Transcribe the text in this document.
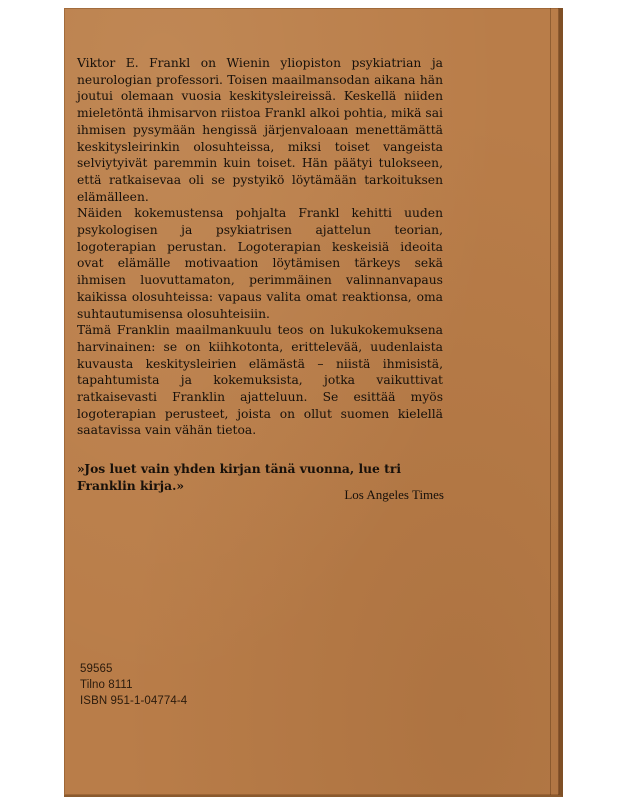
Viktor E. Frankl on Wienin yliopiston psykiatrian ja neurologian professori. Toisen maailmansodan aikana hän joutui olemaan vuosia keskitysleireissä. Keskellä niiden mieletöntä ihmisarvon riistoa Frankl alkoi pohtia, mikä sai ihmisen pysymään hengissä järjenvaloaan menettämättä keskitysleirinkin olosuhteissa, miksi toiset vangeista selviytyivät paremmin kuin toiset. Hän päätyi tulokseen, että ratkaisevaa oli se pystyikö löytämään tarkoituksen elämälleen.

Näiden kokemustensa pohjalta Frankl kehitti uuden psykologisen ja psykiatrisen ajattelun teorian, logoterapian perustan. Logoterapian keskeisiä ideoita ovat elämälle motivaation löytämisen tärkeys sekä ihmisen luovuttamaton, perimmäinen valinnanvapaus kaikissa olosuhteissa: vapaus valita omat reaktionsa, oma suhtautumisensa olosuhteisiin.

Tämä Franklin maailmankuulu teos on lukukokemuksena harvinainen: se on kiihkotonta, erittelevää, uudenlaista kuvausta keskitysleirien elämästä – niistä ihmisistä, tapahtumista ja kokemuksista, jotka vaikuttivat ratkaisevasti Franklin ajatteluun. Se esittää myös logoterapian perusteet, joista on ollut suomen kielellä saatavissa vain vähän tietoa.

»Jos luet vain yhden kirjan tänä vuonna, lue tri Franklin kirja.»
Los Angeles Times
59565
Tilno 8111
ISBN 951-1-04774-4
